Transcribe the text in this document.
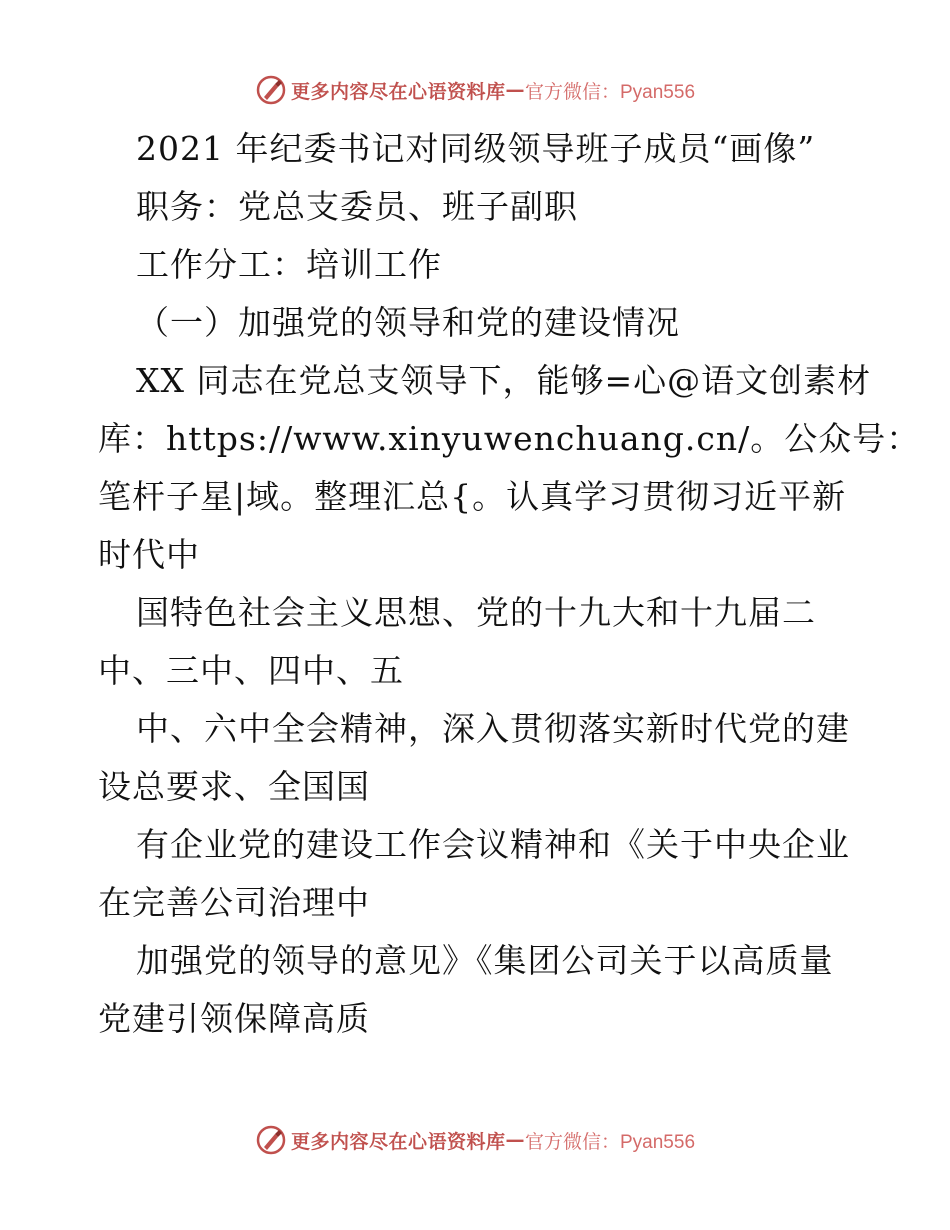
更多内容尽在心语资料库 — 官方微信：Pyan556
2021 年纪委书记对同级领导班子成员“画像”
职务：党总支委员、班子副职
工作分工：培训工作
（一）加强党的领导和党的建设情况
XX 同志在党总支领导下，能够=心@语文创素材
库：https://www.xinyuwenchuang.cn/。公众号：
笔杆子星|域。整理汇总{。认真学习贯彻习近平新
时代中
国特色社会主义思想、党的十九大和十九届二
中、三中、四中、五
中、六中全会精神，深入贯彻落实新时代党的建
设总要求、全国国
有企业党的建设工作会议精神和《关于中央企业
在完善公司治理中
加强党的领导的意见》《集团公司关于以高质量
党建引领保障高质
更多内容尽在心语资料库 — 官方微信：Pyan556
